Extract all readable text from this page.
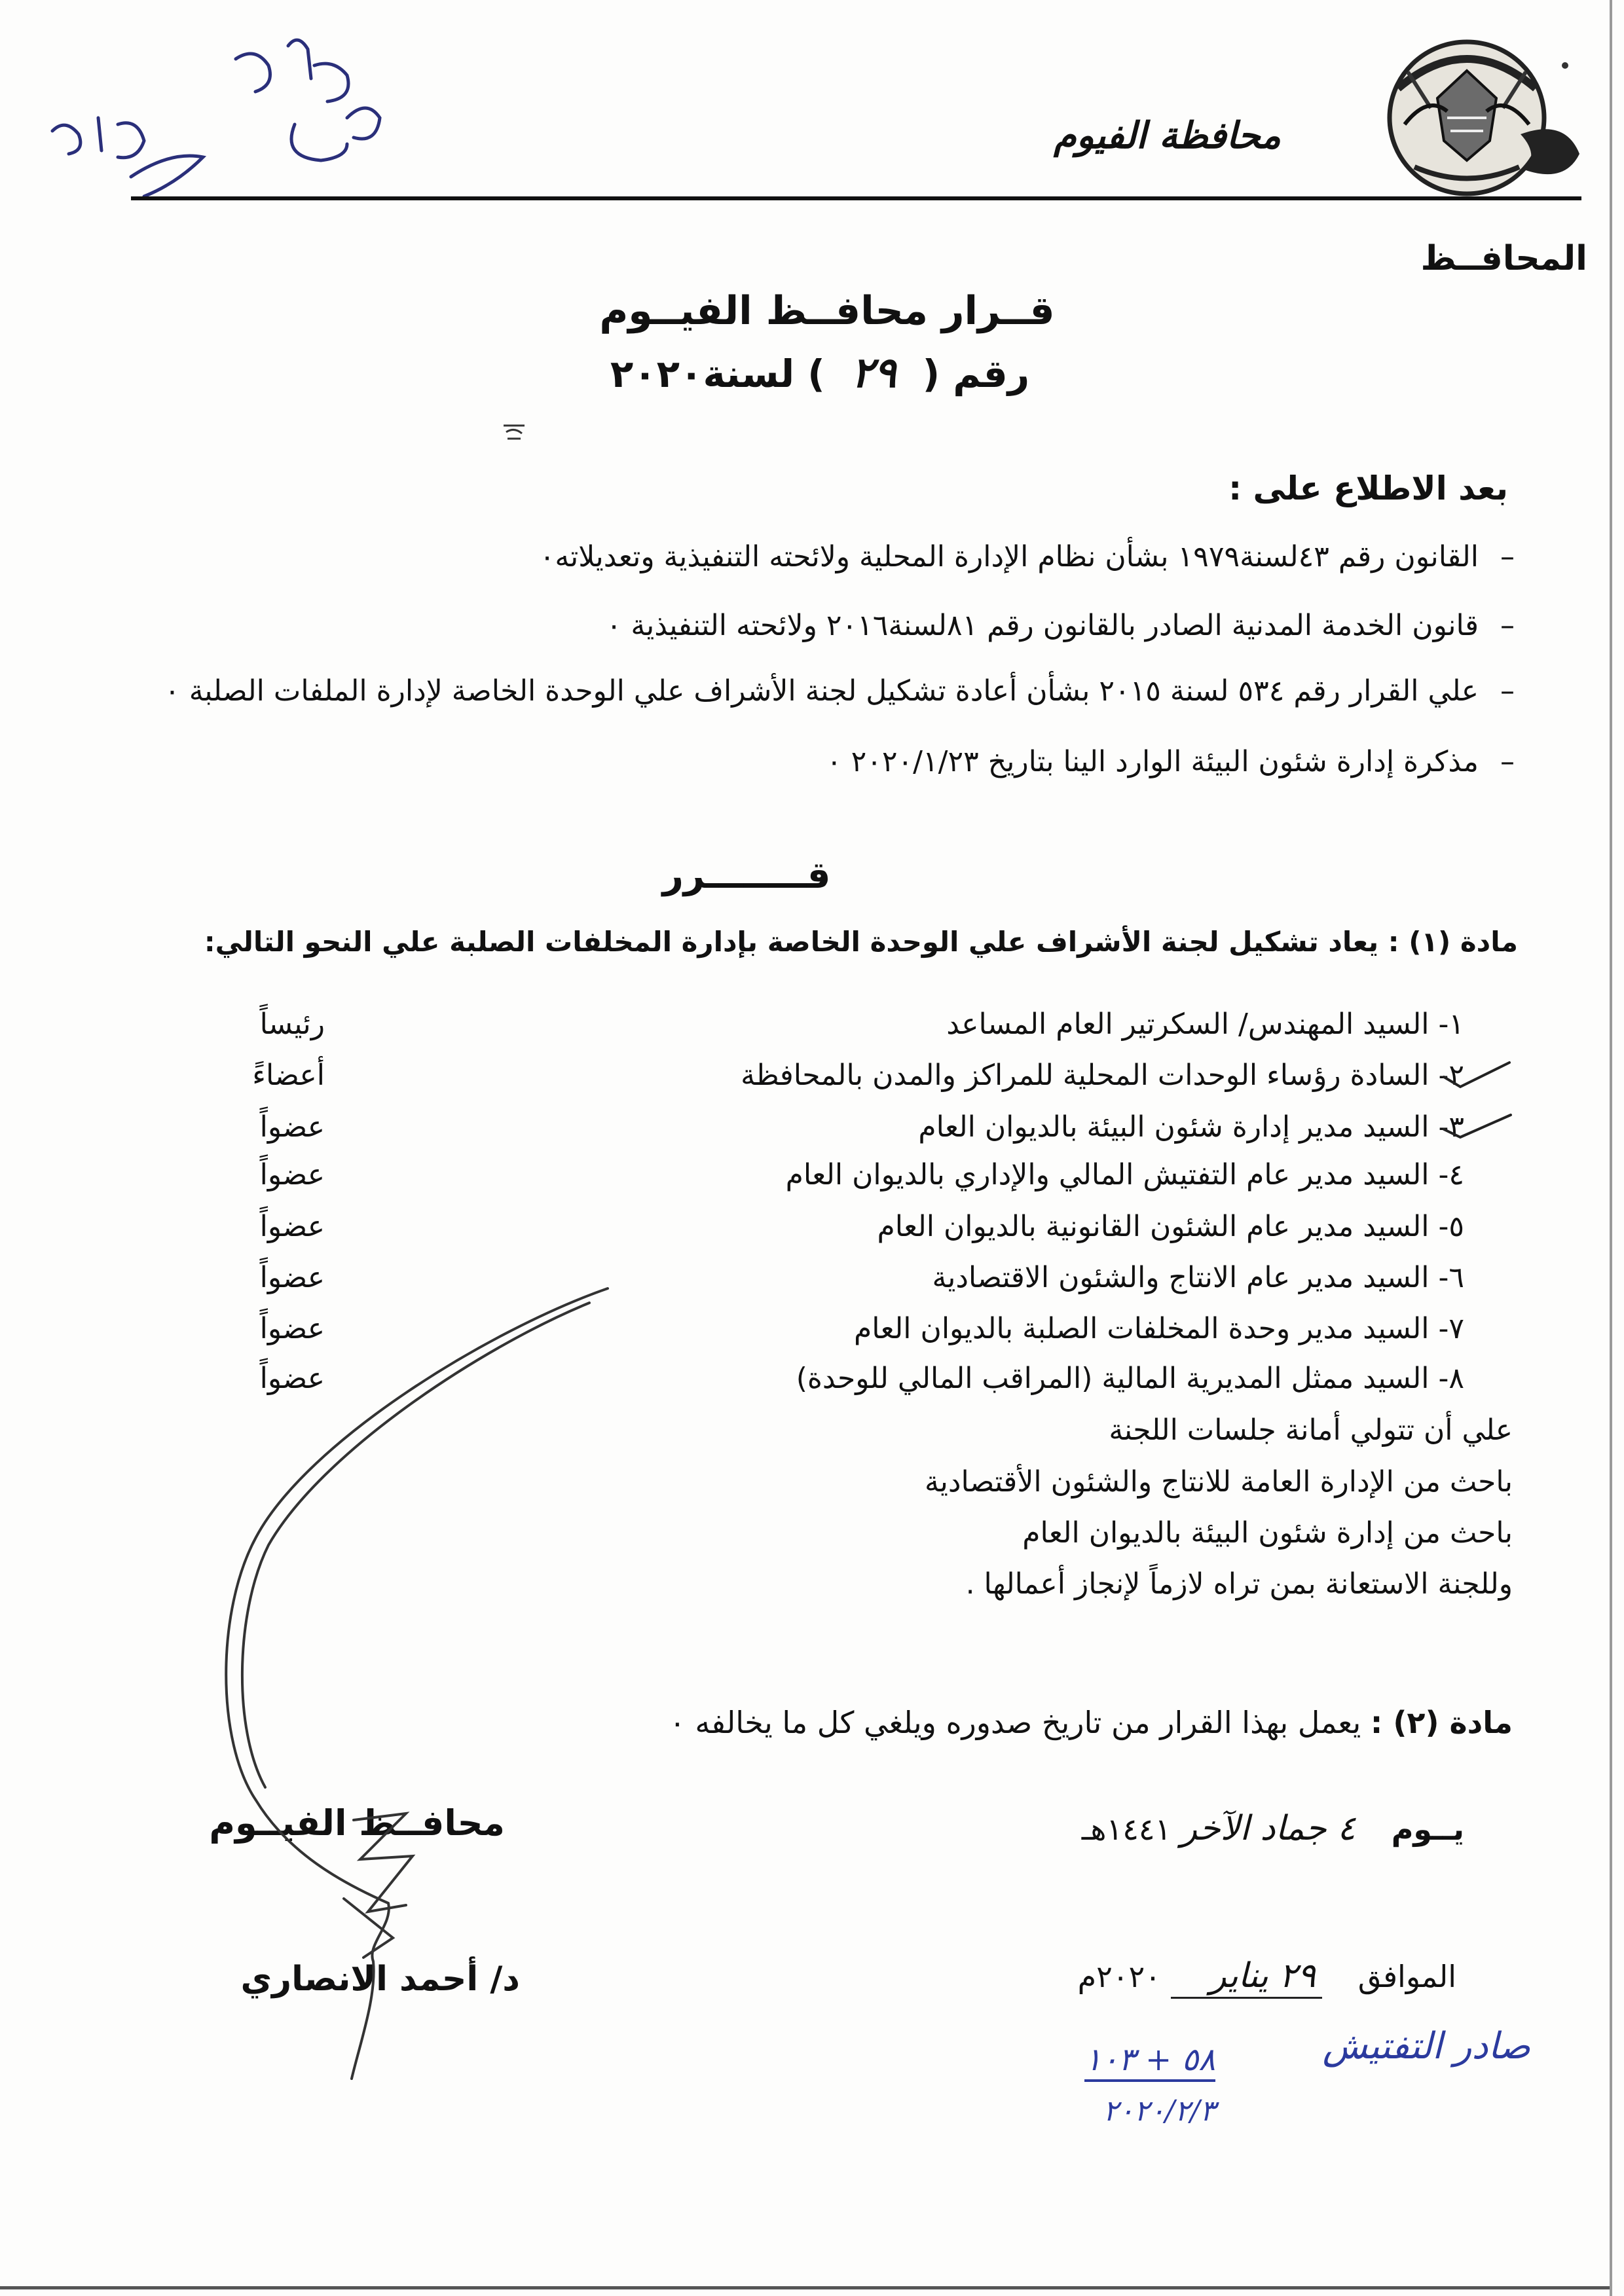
محافظة الفيوم
المحافــظ
قــرار محافــظ الفيــوم
رقم (٢٩) لسنة٢٠٢٠
بعد الاطلاع على :
–
القانون رقم ٤٣لسنة١٩٧٩ بشأن نظام الإدارة المحلية ولائحته التنفيذية وتعديلاته٠
–
قانون الخدمة المدنية الصادر بالقانون رقم ٨١لسنة٢٠١٦ ولائحته التنفيذية ٠
–
علي القرار رقم ٥٣٤ لسنة ٢٠١٥ بشأن أعادة تشكيل لجنة الأشراف علي الوحدة الخاصة لإدارة الملفات الصلبة ٠
–
مذكرة إدارة شئون البيئة الوارد الينا بتاريخ ٢٠٢٠/١/٢٣ ٠
قــــــــرر
مادة (١) : يعاد تشكيل لجنة الأشراف علي الوحدة الخاصة بإدارة المخلفات الصلبة علي النحو التالي:
١- السيد المهندس/ السكرتير العام المساعد
رئيساً
٢- السادة رؤساء الوحدات المحلية للمراكز والمدن بالمحافظة
أعضاءً
٣- السيد مدير إدارة شئون البيئة بالديوان العام
عضواً
٤- السيد مدير عام التفتيش المالي والإداري بالديوان العام
عضواً
٥- السيد مدير عام الشئون القانونية بالديوان العام
عضواً
٦- السيد مدير عام الانتاج والشئون الاقتصادية
عضواً
٧- السيد مدير وحدة المخلفات الصلبة بالديوان العام
عضواً
٨- السيد ممثل المديرية المالية (المراقب المالي للوحدة)
عضواً
علي أن تتولي أمانة جلسات اللجنة
باحث من الإدارة العامة للانتاج والشئون الأقتصادية
باحث من إدارة شئون البيئة بالديوان العام
وللجنة الاستعانة بمن تراه لازماً لإنجاز أعمالها .
مادة (٢) : يعمل بهذا القرار من تاريخ صدوره ويلغي كل ما يخالفه ٠
يــوم ٤ جماد الآخر ١٤٤١هـ
الموافق ٢٩ يناير ٢٠٢٠م
محافــظ الفيــوم
د/ أحمد الانصاري
صادر التفتيش
٥٨ + ١٠٣
٢٠٢٠/٢/٣
